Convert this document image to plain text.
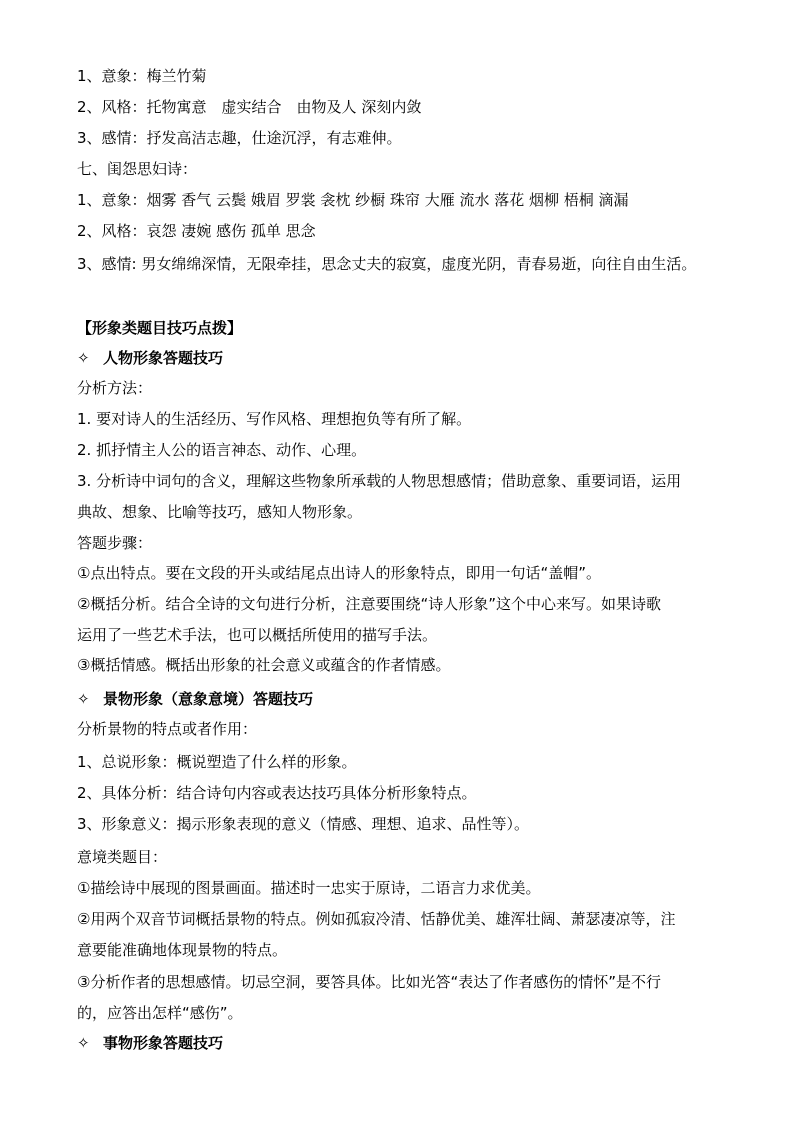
1、意象：梅兰竹菊
2、风格：托物寓意　虚实结合　由物及人 深刻内敛
3、感情：抒发高洁志趣，仕途沉浮，有志难伸。
七、闺怨思妇诗：
1、意象：烟雾 香气 云鬓 娥眉 罗裳 衾枕 纱橱 珠帘 大雁 流水 落花 烟柳 梧桐 滴漏
2、风格：哀怨 凄婉 感伤 孤单 思念
3、感情: 男女绵绵深情，无限牵挂，思念丈夫的寂寞，虚度光阴，青春易逝，向往自由生活。
【形象类题目技巧点拨】
✧ 人物形象答题技巧
分析方法：
1. 要对诗人的生活经历、写作风格、理想抱负等有所了解。
2. 抓抒情主人公的语言神态、动作、心理。
3. 分析诗中词句的含义，理解这些物象所承载的人物思想感情；借助意象、重要词语，运用
典故、想象、比喻等技巧，感知人物形象。
答题步骤：
①点出特点。要在文段的开头或结尾点出诗人的形象特点，即用一句话“盖帽”。
②概括分析。结合全诗的文句进行分析，注意要围绕“诗人形象”这个中心来写。如果诗歌
运用了一些艺术手法，也可以概括所使用的描写手法。
③概括情感。概括出形象的社会意义或蕴含的作者情感。
✧ 景物形象（意象意境）答题技巧
分析景物的特点或者作用：
1、总说形象：概说塑造了什么样的形象。
2、具体分析：结合诗句内容或表达技巧具体分析形象特点。
3、形象意义：揭示形象表现的意义（情感、理想、追求、品性等）。
意境类题目：
①描绘诗中展现的图景画面。描述时一忠实于原诗，二语言力求优美。
②用两个双音节词概括景物的特点。例如孤寂冷清、恬静优美、雄浑壮阔、萧瑟凄凉等，注
意要能准确地体现景物的特点。
③分析作者的思想感情。切忌空洞，要答具体。比如光答“表达了作者感伤的情怀”是不行
的，应答出怎样“感伤”。
✧ 事物形象答题技巧
